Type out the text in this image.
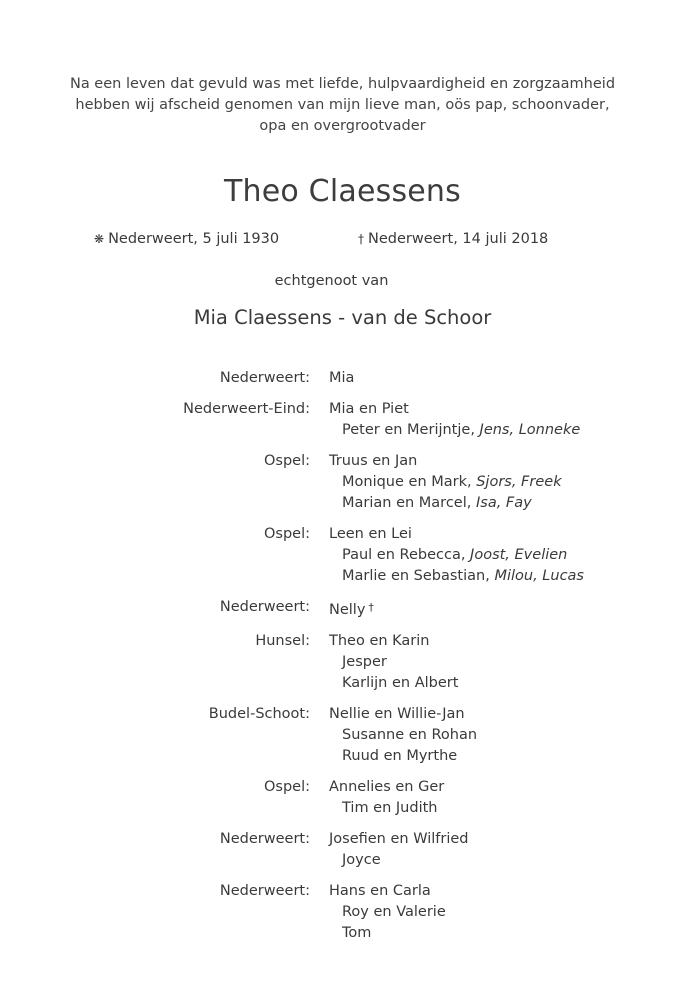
Na een leven dat gevuld was met liefde, hulpvaardigheid en zorgzaamheid
hebben wij afscheid genomen van mijn lieve man, oös pap, schoonvader,
opa en overgrootvader
Theo Claessens
❋ Nederweert, 5 juli 1930	† Nederweert, 14 juli 2018
echtgenoot van
Mia Claessens - van de Schoor
Nederweert: Mia
Nederweert-Eind: Mia en Piet
Peter en Merijntje, Jens, Lonneke
Ospel: Truus en Jan
Monique en Mark, Sjors, Freek
Marian en Marcel, Isa, Fay
Ospel: Leen en Lei
Paul en Rebecca, Joost, Evelien
Marlie en Sebastian, Milou, Lucas
Nederweert: Nelly †
Hunsel: Theo en Karin
Jesper
Karlijn en Albert
Budel-Schoot: Nellie en Willie-Jan
Susanne en Rohan
Ruud en Myrthe
Ospel: Annelies en Ger
Tim en Judith
Nederweert: Josefien en Wilfried
Joyce
Nederweert: Hans en Carla
Roy en Valerie
Tom
